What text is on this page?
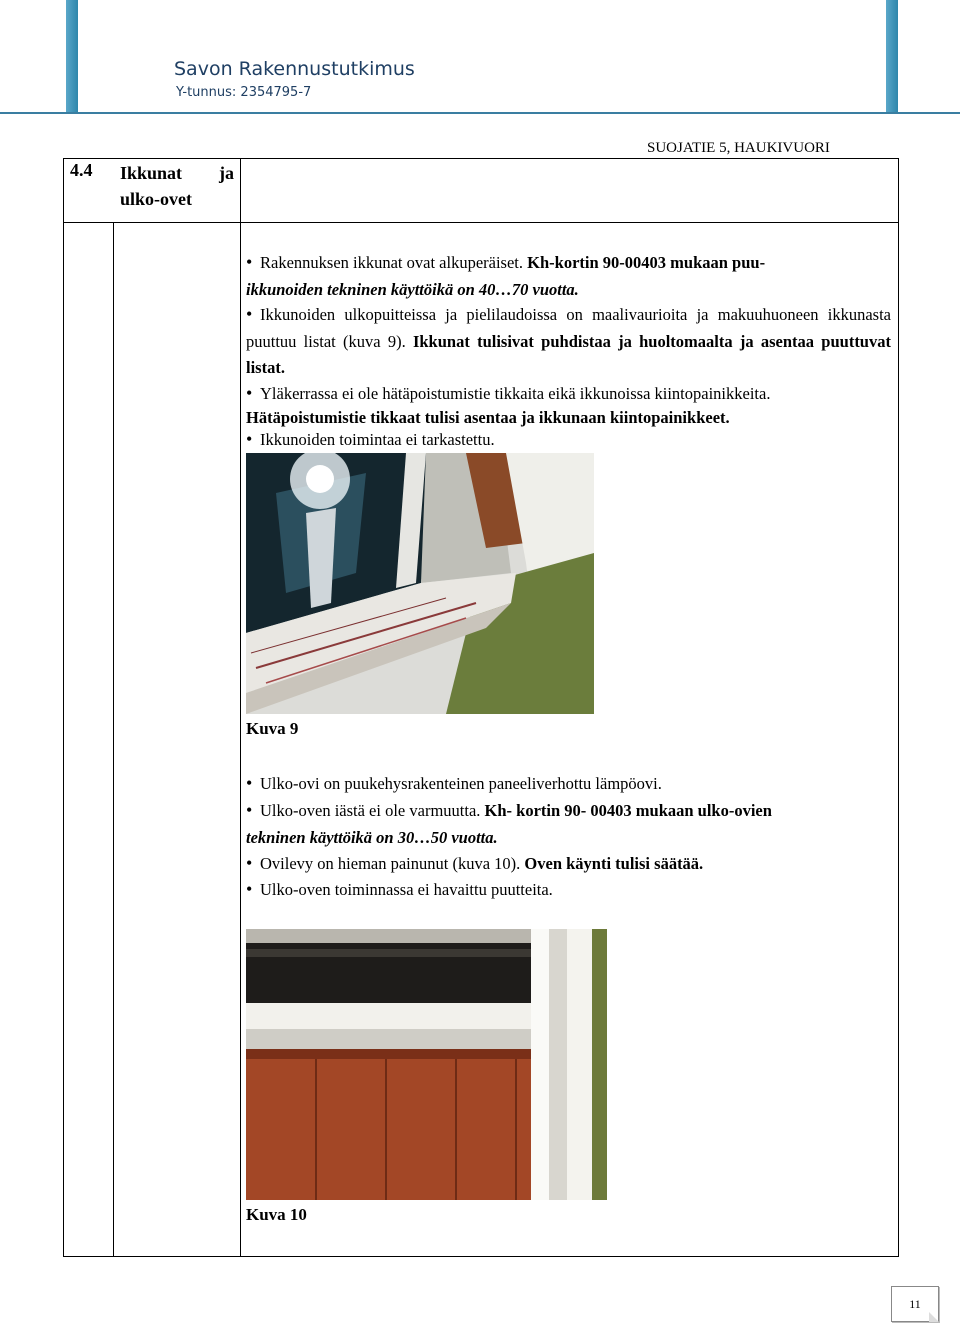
Savon Rakennustutkimus
Y-tunnus: 2354795-7
4.4 Ikkunat ja

ulko-ovet
SUOJATIE 5, HAUKIVUORI
• Rakennuksen ikkunat ovat alkuperäiset. Kh-kortin 90-00403 mukaan puu-
ikkunoiden tekninen käyttöikä on 40…70 vuotta.
• Ikkunoiden ulkopuitteissa ja pielilaudoissa on maalivaurioita ja makuuhuoneen ikkunasta puuttuu listat (kuva 9). Ikkunat tulisivat puhdistaa ja huoltomaalta ja asentaa puuttuvat listat.
• Yläkerrassa ei ole hätäpoistumistie tikkaita eikä ikkunoissa kiintopainikkeita.
Hätäpoistumistie tikkaat tulisi asentaa ja ikkunaan kiintopainikkeet.
• Ikkunoiden toimintaa ei tarkastettu.
Kuva 9
• Ulko-ovi on puukehysrakenteinen paneeliverhottu lämpöovi.
• Ulko-oven iästä ei ole varmuutta. Kh- kortin 90- 00403 mukaan ulko-ovien
tekninen käyttöikä on 30…50 vuotta.
• Ovilevy on hieman painunut (kuva 10). Oven käynti tulisi säätää.
• Ulko-oven toiminnassa ei havaittu puutteita.
Kuva 10
11
